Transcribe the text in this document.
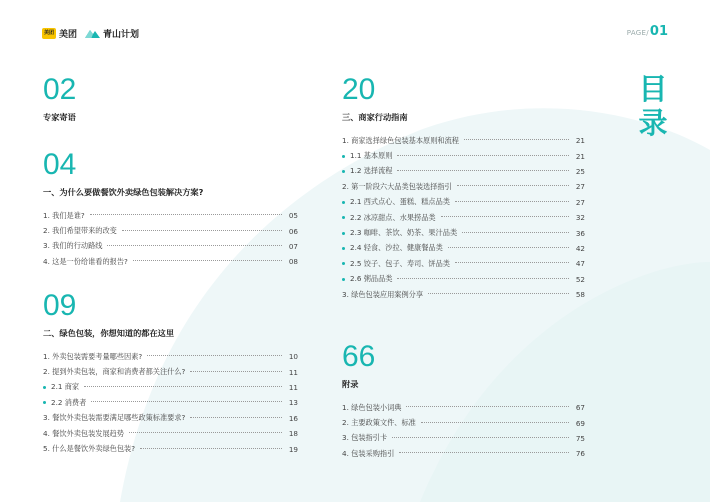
美团 美团	青山计划	PAGE/ 01
目
录
02
专家寄语
04
一、为什么要做餐饮外卖绿色包装解决方案?
1. 我们是谁?	05
2. 我们希望带来的改变	06
3. 我们的行动路线	07
4. 这是一份给谁看的报告?	08
09
二、绿色包装，你想知道的都在这里
1. 外卖包装需要考量哪些因素?	10
2. 提到外卖包装，商家和消费者都关注什么?	11
2.1 商家	11
2.2 消费者	13
3. 餐饮外卖包装需要满足哪些政策标准要求?	16
4. 餐饮外卖包装发展趋势	18
5. 什么是餐饮外卖绿色包装?	19
20
三、商家行动指南
1. 商家选择绿色包装基本原则和流程	21
1.1 基本原则	21
1.2 选择流程	25
2. 第一阶段六大品类包装选择指引	27
2.1 西式点心、蛋糕、糕点品类	27
2.2 冰凉甜点、水果捞品类	32
2.3 咖啡、茶饮、奶茶、果汁品类	36
2.4 轻食、沙拉、健康餐品类	42
2.5 饺子、包子、寿司、饼品类	47
2.6 粥品品类	52
3. 绿色包装应用案例分享	58
66
附录
1. 绿色包装小词典	67
2. 主要政策文件、标准	69
3. 包装指引卡	75
4. 包装采购指引	76
